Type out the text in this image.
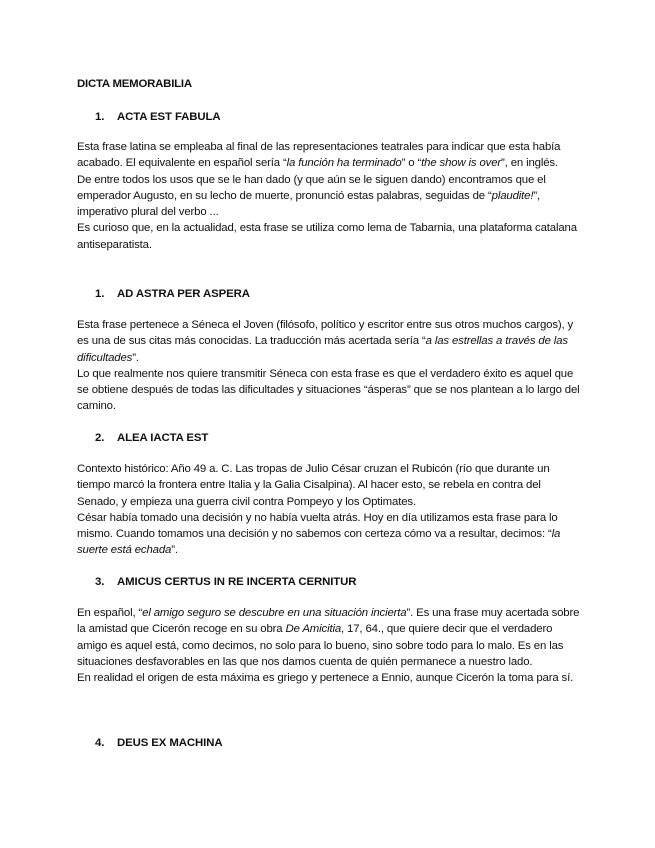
DICTA MEMORABILIA
1. ACTA EST FABULA

Esta frase latina se empleaba al final de las representaciones teatrales para indicar que esta había acabado. El equivalente en español sería “la función ha terminado” o “the show is over”, en inglés.

De entre todos los usos que se le han dado (y que aún se le siguen dando) encontramos que el emperador Augusto, en su lecho de muerte, pronunció estas palabras, seguidas de “plaudite!”, imperativo plural del verbo ...

Es curioso que, en la actualidad, esta frase se utiliza como lema de Tabarnia, una plataforma catalana antiseparatista.

1. AD ASTRA PER ASPERA

Esta frase pertenece a Séneca el Joven (filósofo, político y escritor entre sus otros muchos cargos), y es una de sus citas más conocidas. La traducción más acertada sería “a las estrellas a través de las dificultades”.

Lo que realmente nos quiere transmitir Séneca con esta frase es que el verdadero éxito es aquel que se obtiene después de todas las dificultades y situaciones “ásperas” que se nos plantean a lo largo del camino.

2. ALEA IACTA EST

Contexto histórico: Año 49 a. C. Las tropas de Julio César cruzan el Rubicón (río que durante un tiempo marcó la frontera entre Italia y la Galia Cisalpina). Al hacer esto, se rebela en contra del Senado, y empieza una guerra civil contra Pompeyo y los Optimates.

César había tomado una decisión y no había vuelta atrás. Hoy en día utilizamos esta frase para lo mismo. Cuando tomamos una decisión y no sabemos con certeza cómo va a resultar, decimos: “la suerte está echada”.

3. AMICUS CERTUS IN RE INCERTA CERNITUR

En español, “el amigo seguro se descubre en una situación incierta”. Es una frase muy acertada sobre la amistad que Cicerón recoge en su obra De Amicitia, 17, 64., que quiere decir que el verdadero amigo es aquel está, como decimos, no solo para lo bueno, sino sobre todo para lo malo. Es en las situaciones desfavorables en las que nos damos cuenta de quién permanece a nuestro lado.

En realidad el origen de esta máxima es griego y pertenece a Ennio, aunque Cicerón la toma para sí.

4. DEUS EX MACHINA
